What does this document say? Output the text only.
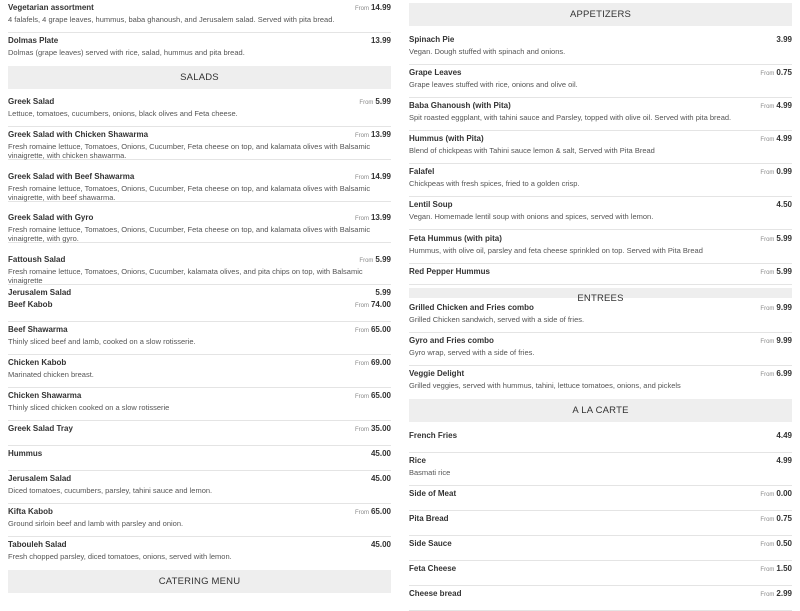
Vegetarian assortment	From 14.99
4 falafels, 4 grape leaves, hummus, baba ghanoush, and Jerusalem salad. Served with pita bread.
Dolmas Plate	13.99
Dolmas (grape leaves) served with rice, salad, hummus and pita bread.
SALADS
Greek Salad	From 5.99
Lettuce, tomatoes, cucumbers, onions, black olives and Feta cheese.
Greek Salad with Chicken Shawarma	From 13.99
Fresh romaine lettuce, Tomatoes, Onions, Cucumber, Feta cheese on top, and kalamata olives with Balsamic vinaigrette, with chicken shawarma.
Greek Salad with Beef Shawarma	From 14.99
Fresh romaine lettuce, Tomatoes, Onions, Cucumber, Feta cheese on top, and kalamata olives with Balsamic vinaigrette, with beef shawarma.
Greek Salad with Gyro	From 13.99
Fresh romaine lettuce, Tomatoes, Onions, Cucumber, Feta cheese on top, and kalamata olives with Balsamic vinaigrette, with gyro.
Fattoush Salad	From 5.99
Fresh romaine lettuce, Tomatoes, Onions, Cucumber, kalamata olives, and pita chips on top, with Balsamic vinaigrette
Jerusalem Salad	5.99
Beef Kabob	From 74.00
Beef Shawarma	From 65.00
Thinly sliced beef and lamb, cooked on a slow rotisserie.
Chicken Kabob	From 69.00
Marinated chicken breast.
Chicken Shawarma	From 65.00
Thinly sliced chicken cooked on a slow rotisserie
Greek Salad Tray	From 35.00
Hummus	45.00
Jerusalem Salad	45.00
Diced tomatoes, cucumbers, parsley, tahini sauce and lemon.
Kifta Kabob	From 65.00
Ground sirloin beef and lamb with parsley and onion.
Tabouleh Salad	45.00
Fresh chopped parsley, diced tomatoes, onions, served with lemon.
CATERING MENU
APPETIZERS
Spinach Pie	3.99
Vegan. Dough stuffed with spinach and onions.
Grape Leaves	From 0.75
Grape leaves stuffed with rice, onions and olive oil.
Baba Ghanoush (with Pita)	From 4.99
Spit roasted eggplant, with tahini sauce and Parsley, topped with olive oil. Served with pita bread.
Hummus (with Pita)	From 4.99
Blend of chickpeas with Tahini sauce lemon & salt, Served with Pita Bread
Falafel	From 0.99
Chickpeas with fresh spices, fried to a golden crisp.
Lentil Soup	4.50
Vegan. Homemade lentil soup with onions and spices, served with lemon.
Feta Hummus (with pita)	From 5.99
Hummus, with olive oil, parsley and feta cheese sprinkled on top. Served with Pita Bread
Red Pepper Hummus	From 5.99
ENTREES
Grilled Chicken and Fries combo	From 9.99
Grilled Chicken sandwich, served with a side of fries.
Gyro and Fries combo	From 9.99
Gyro wrap, served with a side of fries.
Veggie Delight	From 6.99
Grilled veggies, served with hummus, tahini, lettuce tomatoes, onions, and pickels
A LA CARTE
French Fries	4.49
Rice	4.99
Basmati rice
Side of Meat	From 0.00
Pita Bread	From 0.75
Side Sauce	From 0.50
Feta Cheese	From 1.50
Cheese bread	From 2.99
